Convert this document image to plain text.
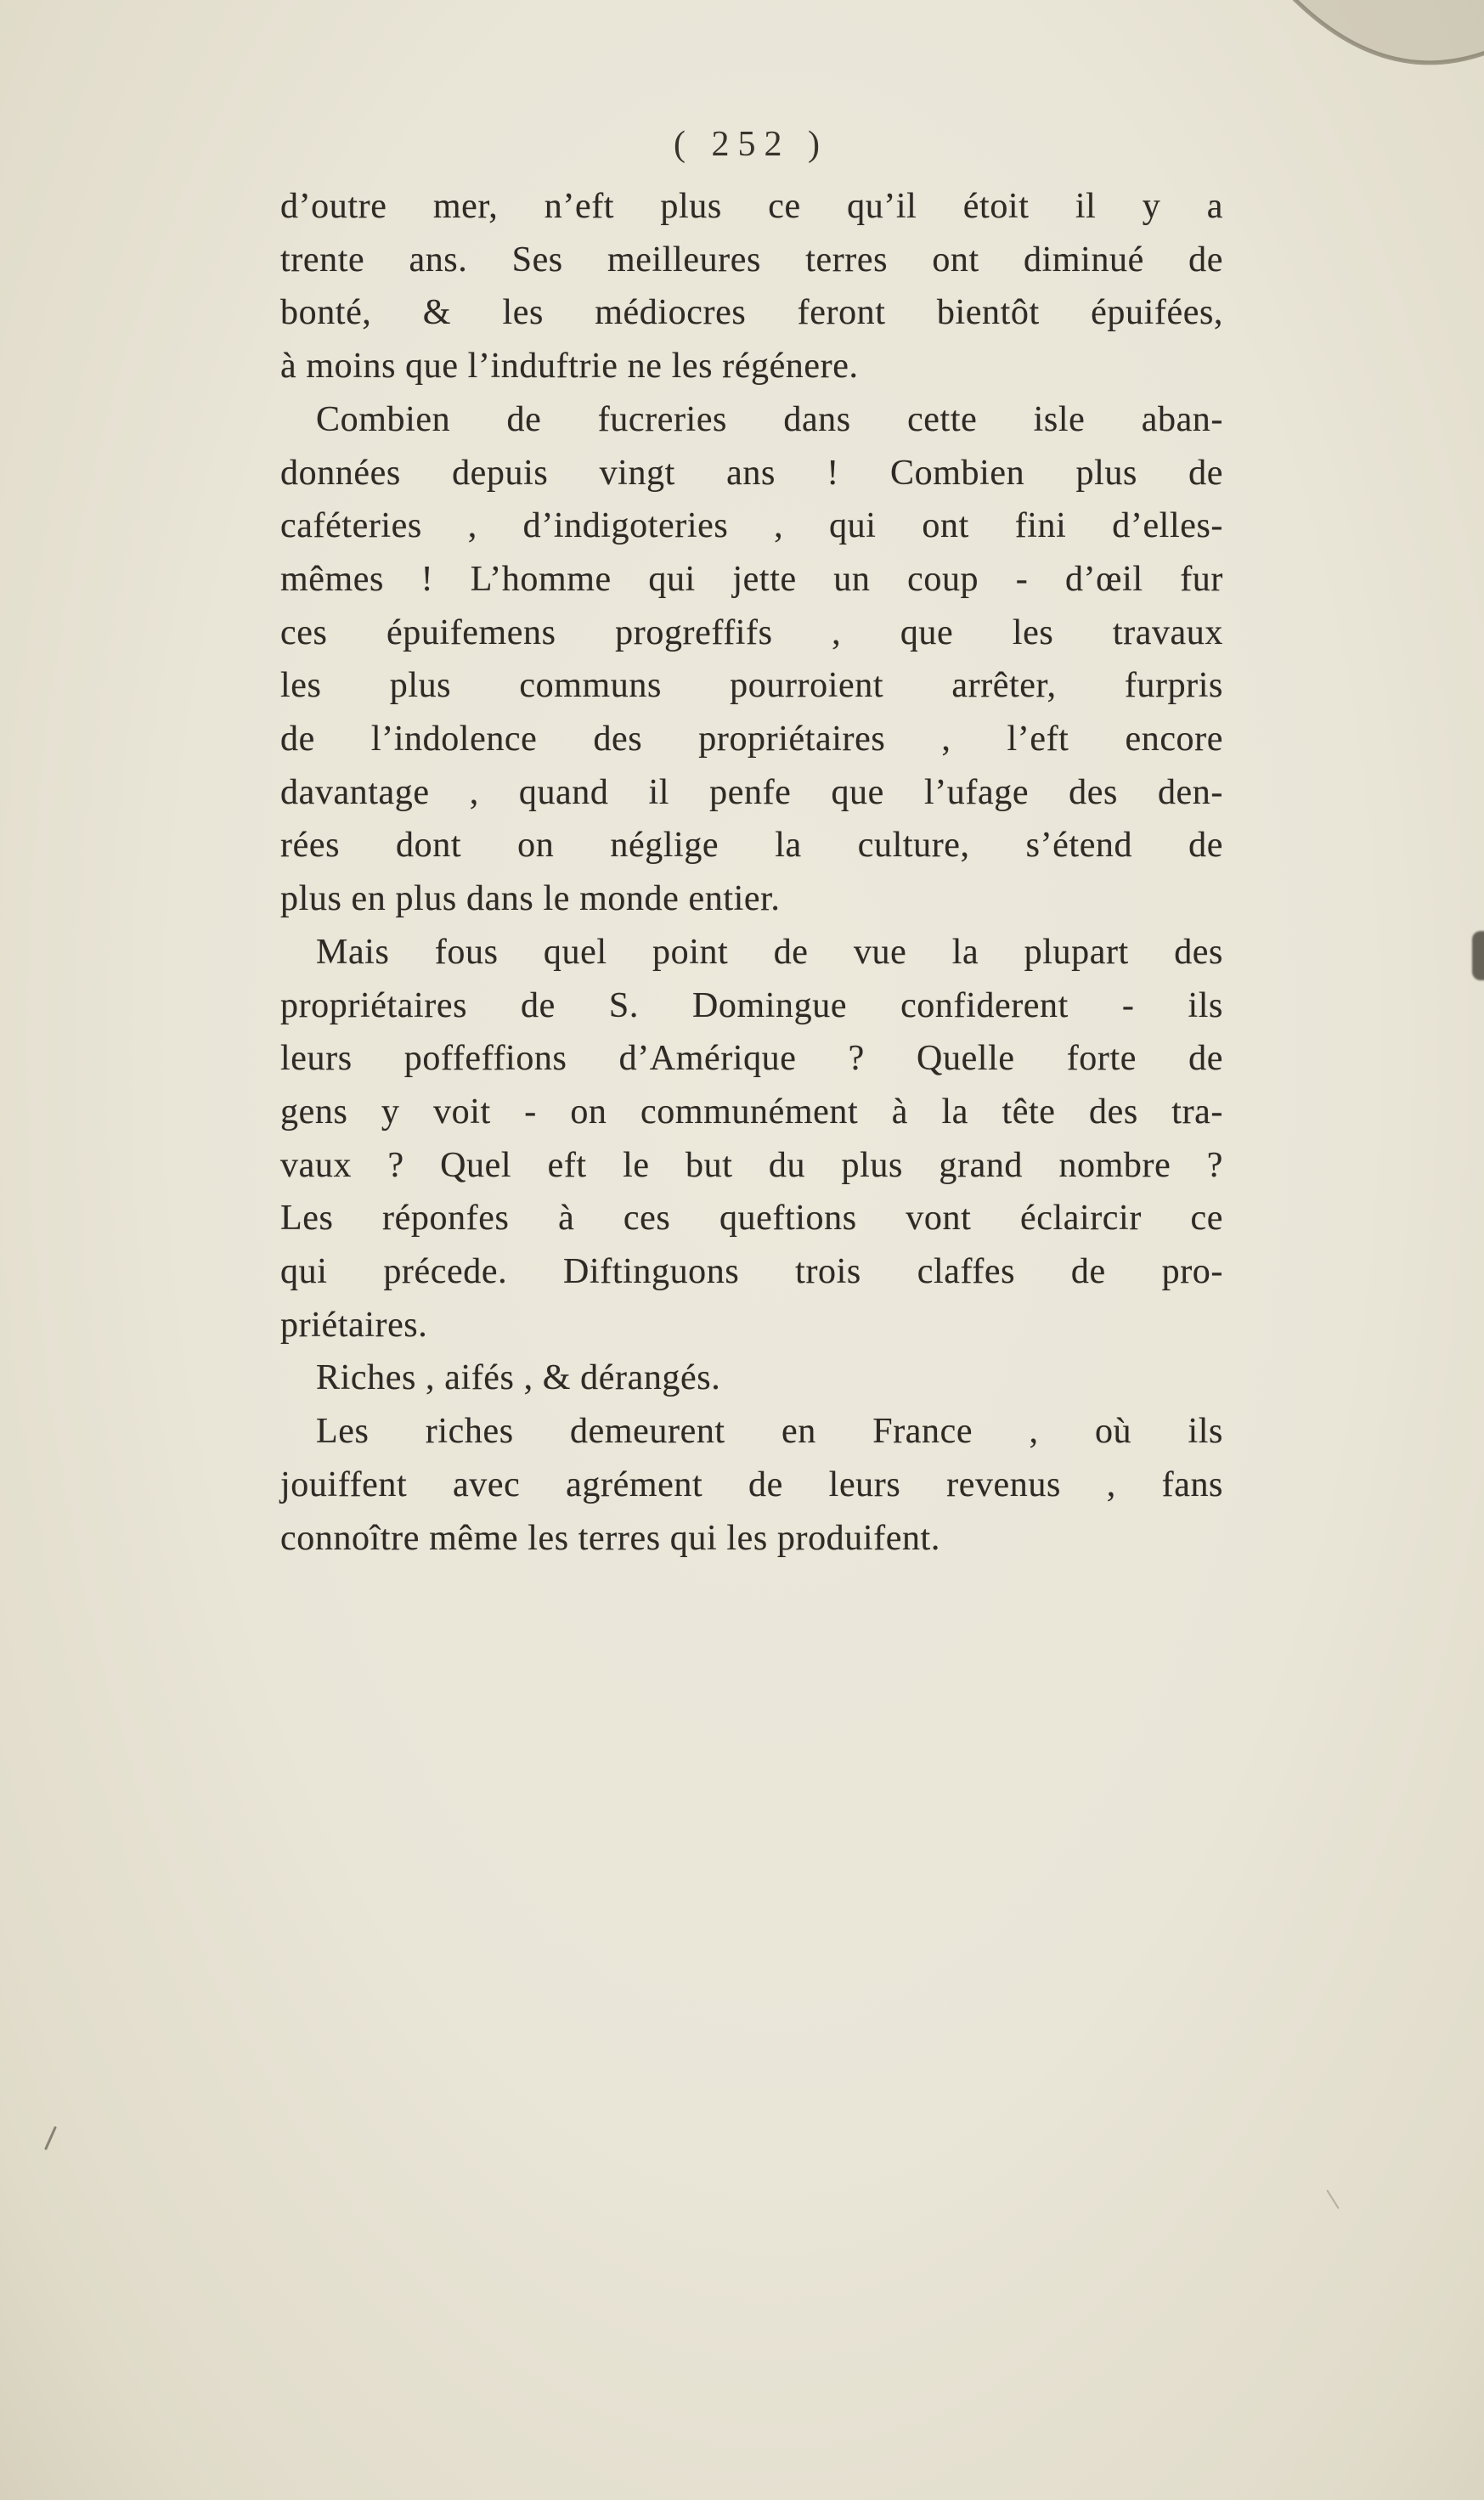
( 252 )
d’outre mer, n’eft plus ce qu’il étoit il y a
trente ans. Ses meilleures terres ont diminué de
bonté, & les médiocres feront bientôt épuifées,
à moins que l’induftrie ne les régénere.
Combien de fucreries dans cette isle aban-
données depuis vingt ans ! Combien plus de
caféteries , d’indigoteries , qui ont fini d’elles-
mêmes ! L’homme qui jette un coup - d’œil fur
ces épuifemens progreffifs , que les travaux
les plus communs pourroient arrêter, furpris
de l’indolence des propriétaires , l’eft encore
davantage , quand il penfe que l’ufage des den-
rées dont on néglige la culture, s’étend de
plus en plus dans le monde entier.
Mais fous quel point de vue la plupart des
propriétaires de S. Domingue confiderent - ils
leurs poffeffions d’Amérique ? Quelle forte de
gens y voit - on communément à la tête des tra-
vaux ? Quel eft le but du plus grand nombre ?
Les réponfes à ces queftions vont éclaircir ce
qui précede. Diftinguons trois claffes de pro-
priétaires.
Riches , aifés , & dérangés.
Les riches demeurent en France , où ils
jouiffent avec agrément de leurs revenus , fans
connoître même les terres qui les produifent.
